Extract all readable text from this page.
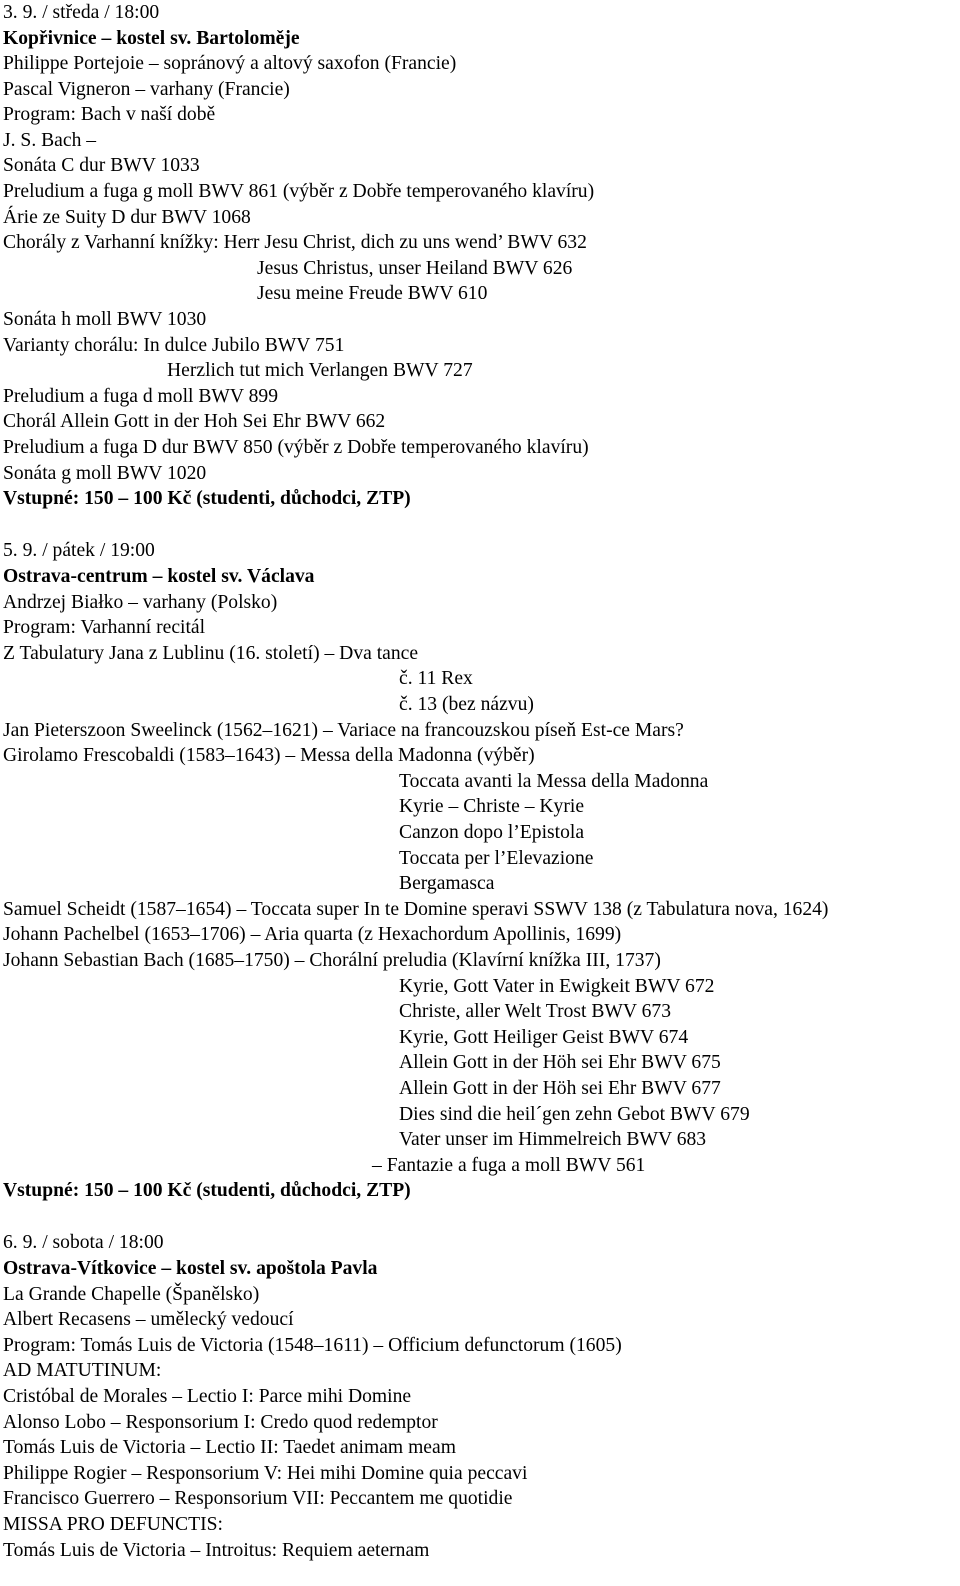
3. 9. / středa / 18:00
Kopřivnice – kostel sv. Bartoloměje
Philippe Portejoie – sopránový a altový saxofon (Francie)
Pascal Vigneron – varhany (Francie)
Program: Bach v naší době
J. S. Bach –
Sonáta C dur BWV 1033
Preludium a fuga g moll BWV 861 (výběr z Dobře temperovaného klavíru)
Árie ze Suity D dur BWV 1068
Chorály z Varhanní knížky: Herr Jesu Christ, dich zu uns wend’ BWV 632
Jesus Christus, unser Heiland BWV 626
Jesu meine Freude BWV 610
Sonáta h moll BWV 1030
Varianty chorálu: In dulce Jubilo BWV 751
Herzlich tut mich Verlangen BWV 727
Preludium a fuga d moll BWV 899
Chorál Allein Gott in der Hoh Sei Ehr BWV 662
Preludium a fuga D dur BWV 850 (výběr z Dobře temperovaného klavíru)
Sonáta g moll BWV 1020
Vstupné: 150 – 100 Kč (studenti, důchodci, ZTP)
5. 9. / pátek / 19:00
Ostrava-centrum – kostel sv. Václava
Andrzej Białko – varhany (Polsko)
Program: Varhanní recitál
Z Tabulatury Jana z Lublinu (16. století) – Dva tance
č. 11 Rex
č. 13 (bez názvu)
Jan Pieterszoon Sweelinck (1562–1621) – Variace na francouzskou píseň Est-ce Mars?
Girolamo Frescobaldi (1583–1643) – Messa della Madonna (výběr)
Toccata avanti la Messa della Madonna
Kyrie – Christe – Kyrie
Canzon dopo l’Epistola
Toccata per l’Elevazione
Bergamasca
Samuel Scheidt (1587–1654) – Toccata super In te Domine speravi SSWV 138 (z Tabulatura nova, 1624)
Johann Pachelbel (1653–1706) – Aria quarta (z Hexachordum Apollinis, 1699)
Johann Sebastian Bach (1685–1750) – Chorální preludia (Klavírní knížka III, 1737)
Kyrie, Gott Vater in Ewigkeit BWV 672
Christe, aller Welt Trost BWV 673
Kyrie, Gott Heiliger Geist BWV 674
Allein Gott in der Höh sei Ehr BWV 675
Allein Gott in der Höh sei Ehr BWV 677
Dies sind die heil´gen zehn Gebot BWV 679
Vater unser im Himmelreich BWV 683
– Fantazie a fuga a moll BWV 561
Vstupné: 150 – 100 Kč (studenti, důchodci, ZTP)
6. 9. / sobota / 18:00
Ostrava-Vítkovice – kostel sv. apoštola Pavla
La Grande Chapelle (Španělsko)
Albert Recasens – umělecký vedoucí
Program: Tomás Luis de Victoria (1548–1611) – Officium defunctorum (1605)
AD MATUTINUM:
Cristóbal de Morales – Lectio I: Parce mihi Domine
Alonso Lobo – Responsorium I: Credo quod redemptor
Tomás Luis de Victoria – Lectio II: Taedet animam meam
Philippe Rogier – Responsorium V: Hei mihi Domine quia peccavi
Francisco Guerrero – Responsorium VII: Peccantem me quotidie
MISSA PRO DEFUNCTIS:
Tomás Luis de Victoria – Introitus: Requiem aeternam
